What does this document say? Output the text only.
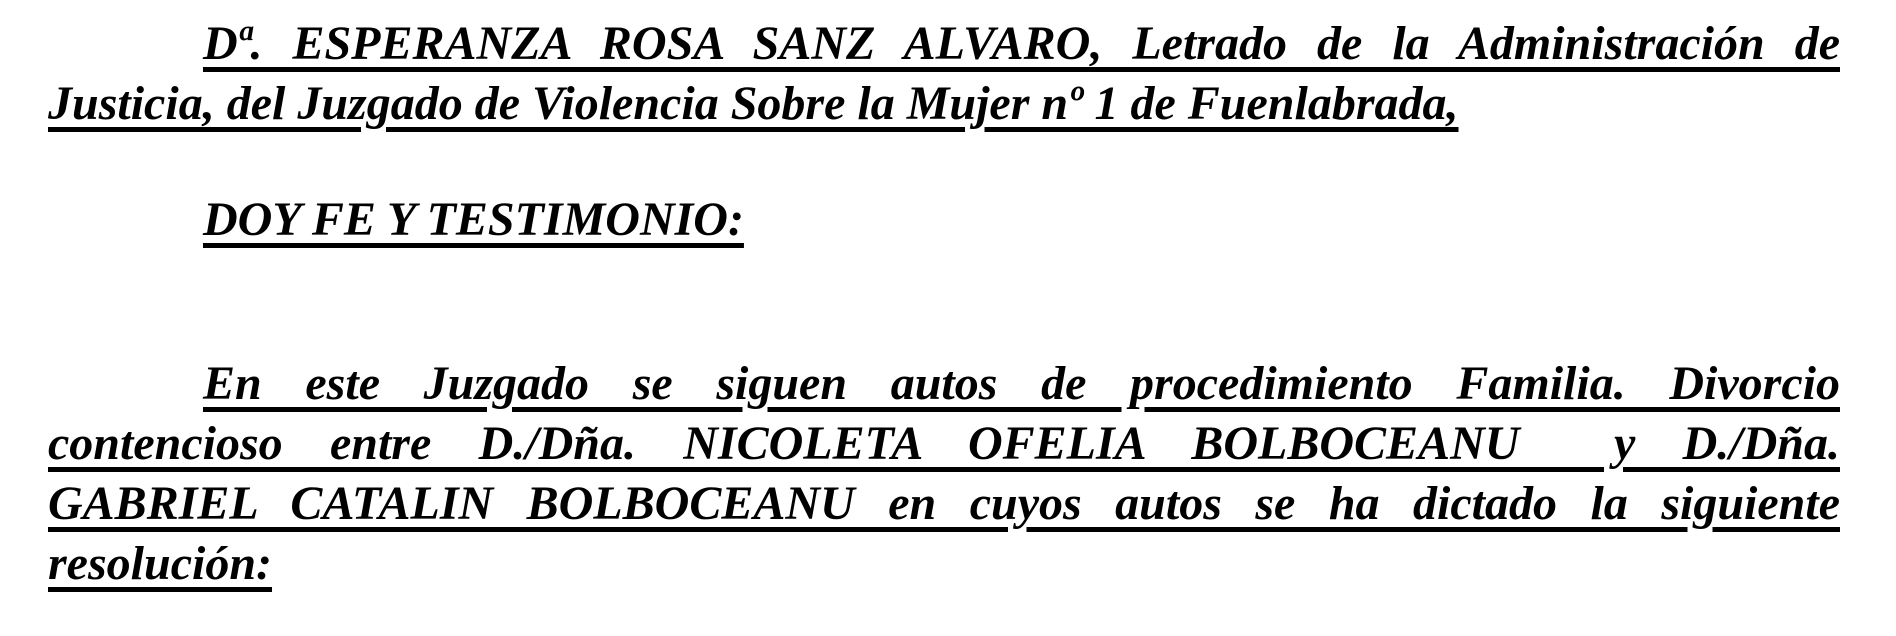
Dª. ESPERANZA ROSA SANZ ALVARO, Letrado de la Administración de
Justicia, del Juzgado de Violencia Sobre la Mujer nº 1 de Fuenlabrada,

DOY FE Y TESTIMONIO:

En este Juzgado se siguen autos de procedimiento Familia. Divorcio
contencioso entre D./Dña. NICOLETA OFELIA BOLBOCEANU  y D./Dña.
GABRIEL CATALIN BOLBOCEANU en cuyos autos se ha dictado la siguiente
resolución:
